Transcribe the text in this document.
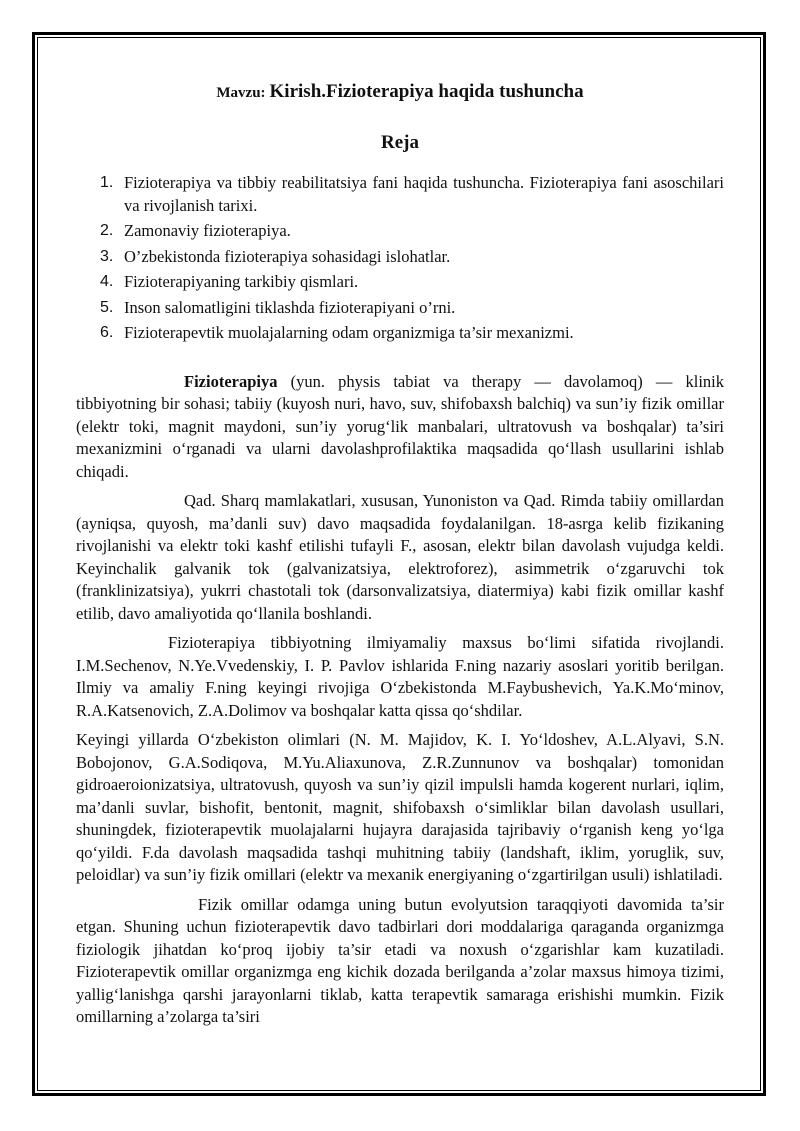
Mavzu: Kirish.Fizioterapiya haqida tushuncha
Reja
1. Fizioterapiya va tibbiy reabilitatsiya fani haqida tushuncha. Fizioterapiya fani asoschilari va rivojlanish tarixi.
2. Zamonaviy fizioterapiya.
3. O’zbekistonda fizioterapiya sohasidagi islohatlar.
4. Fizioterapiyaning tarkibiy qismlari.
5. Inson salomatligini tiklashda fizioterapiyani o’rni.
6. Fizioterapevtik muolajalarning odam organizmiga ta’sir mexanizmi.

Fizioterapiya (yun. physis tabiat va therapy — davolamoq) — klinik tibbiyotning bir sohasi; tabiiy (kuyosh nuri, havo, suv, shifobaxsh balchiq) va sun’iy fizik omillar (elektr toki, magnit maydoni, sun’iy yorug‘lik manbalari, ultratovush va boshqalar) ta’siri mexanizmini o‘rganadi va ularni davolashprofilaktika maqsadida qo‘llash usullarini ishlab chiqadi.

Qad. Sharq mamlakatlari, xususan, Yunoniston va Qad. Rimda tabiiy omillardan (ayniqsa, quyosh, ma’danli suv) davo maqsadida foydalanilgan. 18-asrga kelib fizikaning rivojlanishi va elektr toki kashf etilishi tufayli F., asosan, elektr bilan davolash vujudga keldi. Keyinchalik galvanik tok (galvanizatsiya, elektroforez), asimmetrik o‘zgaruvchi tok (franklinizatsiya), yukrri chastotali tok (darsonvalizatsiya, diatermiya) kabi fizik omillar kashf etilib, davo amaliyotida qo‘llanila boshlandi.

Fizioterapiya tibbiyotning ilmiyamaliy maxsus bo‘limi sifatida rivojlandi. I.M.Sechenov, N.Ye.Vvedenskiy, I. P. Pavlov ishlarida F.ning nazariy asoslari yoritib berilgan. Ilmiy va amaliy F.ning keyingi rivojiga O‘zbekistonda M.Faybushevich, Ya.K.Mo‘minov, R.A.Katsenovich, Z.A.Dolimov va boshqalar katta qissa qo‘shdilar.

Keyingi yillarda O‘zbekiston olimlari (N. M. Majidov, K. I. Yo‘ldoshev, A.L.Alyavi, S.N. Bobojonov, G.A.Sodiqova, M.Yu.Aliaxunova, Z.R.Zunnunov va boshqalar) tomonidan gidroaeroionizatsiya, ultratovush, quyosh va sun’iy qizil impulsli hamda kogerent nurlari, iqlim, ma’danli suvlar, bishofit, bentonit, magnit, shifobaxsh o‘simliklar bilan davolash usullari, shuningdek, fizioterapevtik muolajalarni hujayra darajasida tajribaviy o‘rganish keng yo‘lga qo‘yildi. F.da davolash maqsadida tashqi muhitning tabiiy (landshaft, iklim, yoruglik, suv, peloidlar) va sun’iy fizik omillari (elektr va mexanik energiyaning o‘zgartirilgan usuli) ishlatiladi.

Fizik omillar odamga uning butun evolyutsion taraqqiyoti davomida ta’sir etgan. Shuning uchun fizioterapevtik davo tadbirlari dori moddalariga qaraganda organizmga fiziologik jihatdan ko‘proq ijobiy ta’sir etadi va noxush o‘zgarishlar kam kuzatiladi. Fizioterapevtik omillar organizmga eng kichik dozada berilganda a’zolar maxsus himoya tizimi, yallig‘lanishga qarshi jarayonlarni tiklab, katta terapevtik samaraga erishishi mumkin. Fizik omillarning a’zolarga ta’siri
